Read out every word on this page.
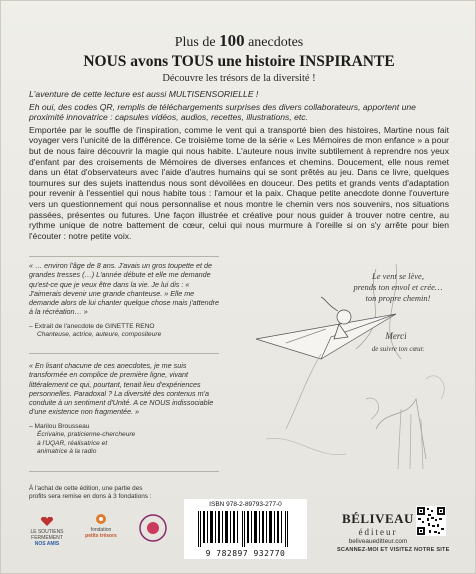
Plus de 100 anecdotes
NOUS avons TOUS une histoire INSPIRANTE
Découvre les trésors de la diversité !

L'aventure de cette lecture est aussi MULTISENSORIELLE !

Eh oui, des codes QR, remplis de téléchargements surprises des divers collaborateurs, apportent une proximité innovatrice : capsules vidéos, audios, recettes, illustrations, etc.

Emportée par le souffle de l'inspiration, comme le vent qui a transporté bien des histoires, Martine nous fait voyager vers l'unicité de la différence. Ce troisième tome de la série « Les Mémoires de mon enfance » a pour but de nous faire découvrir la magie qui nous habite. L'auteure nous invite subtilement à reprendre nos yeux d'enfant par des croisements de Mémoires de diverses enfances et chemins. Doucement, elle nous remet dans un état d'observateurs avec l'aide d'autres humains qui se sont prêtés au jeu. Dans ce livre, quelques tournures sur des sujets inattendus nous sont dévoilées en douceur. Des petits et grands vents d'adaptation pour revenir à l'essentiel qui nous habite tous : l'amour et la paix. Chaque petite anecdote donne l'ouverture vers un questionnement qui nous personnalise et nous montre le chemin vers nos souvenirs, nos situations passées, présentes ou futures. Une façon illustrée et créative pour nous guider à trouver notre centre, au rythme unique de notre battement de cœur, celui qui nous murmure à l'oreille si on s'y arrête pour bien l'écouter : notre petite voix.

« … environ l'âge de 8 ans. J'avais un gros toupette et de grandes tresses (…) L'année débute et elle me demande qu'est-ce que je veux être dans la vie. Je lui dis : « J'aimerais devenir une grande chanteuse. » Elle me demande alors de lui chanter quelque chose mais j'attendre à la récréation… »
– Extrait de l'anecdote de GINETTE RENO
Chanteuse, actrice, auteure, compositeure
« En lisant chacune de ces anecdotes, je me suis transformée en complice de première ligne, vivant littéralement ce qui, pourtant, tenait lieu d'expériences personnelles. Paradoxal ? La diversité des contenus m'a conduite à un sentiment d'Unité. A ce NOUS indissociable d'une existence non fragmentée. »
– Marilou Brousseau
Écrivaine, praticienne-chercheure à l'UQAR, réalisatrice et animatrice à la radio
Le vent se lève,
prends ton envol et crée…
ton propre chemin!
Merci
de suivre ton cœur.
À l'achat de cette édition, une partie des profits sera remise en dons à 3 fondations :
LE SOUTIENS FERMEMENT
NOS AMIS
fondation
petits trésors
ISBN 978-2-89793-277-0
9 782897 932770
BÉLIVEAU
éditeur
beliveaueditteur.com
SCANNEZ-MOI ET VISITEZ NOTRE SITE
